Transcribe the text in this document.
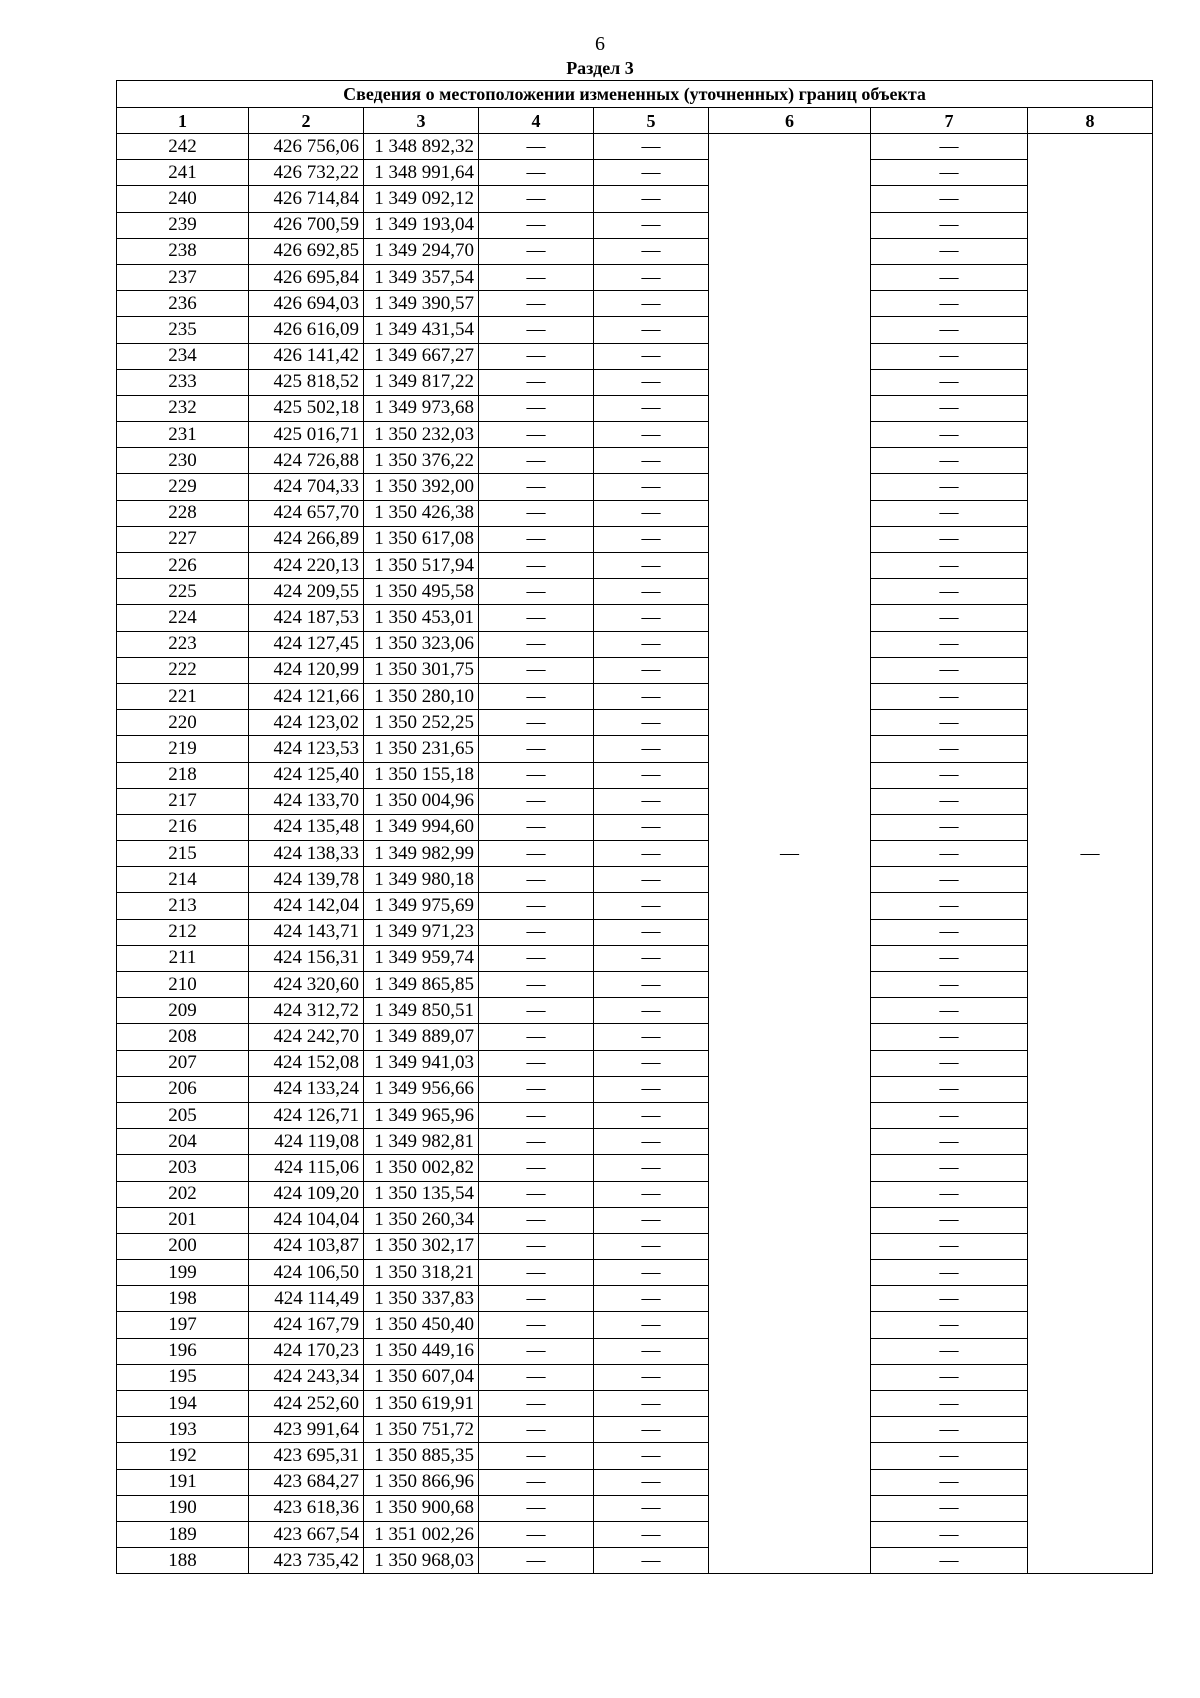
6
Раздел 3
Сведения о местоположении измененных (уточненных) границ объекта							
1	2	3	4	5	6	7	8
242	426 756,06	1 348 892,32	—	—	—	—	—
241	426 732,22	1 348 991,64	—	—		—	
240	426 714,84	1 349 092,12	—	—		—	
239	426 700,59	1 349 193,04	—	—		—	
238	426 692,85	1 349 294,70	—	—		—	
237	426 695,84	1 349 357,54	—	—		—	
236	426 694,03	1 349 390,57	—	—		—	
235	426 616,09	1 349 431,54	—	—		—	
234	426 141,42	1 349 667,27	—	—		—	
233	425 818,52	1 349 817,22	—	—		—	
232	425 502,18	1 349 973,68	—	—		—	
231	425 016,71	1 350 232,03	—	—		—	
230	424 726,88	1 350 376,22	—	—		—	
229	424 704,33	1 350 392,00	—	—		—	
228	424 657,70	1 350 426,38	—	—		—	
227	424 266,89	1 350 617,08	—	—		—	
226	424 220,13	1 350 517,94	—	—		—	
225	424 209,55	1 350 495,58	—	—		—	
224	424 187,53	1 350 453,01	—	—		—	
223	424 127,45	1 350 323,06	—	—		—	
222	424 120,99	1 350 301,75	—	—		—	
221	424 121,66	1 350 280,10	—	—		—	
220	424 123,02	1 350 252,25	—	—		—	
219	424 123,53	1 350 231,65	—	—		—	
218	424 125,40	1 350 155,18	—	—		—	
217	424 133,70	1 350 004,96	—	—		—	
216	424 135,48	1 349 994,60	—	—		—	
215	424 138,33	1 349 982,99	—	—		—	
214	424 139,78	1 349 980,18	—	—		—	
213	424 142,04	1 349 975,69	—	—		—	
212	424 143,71	1 349 971,23	—	—		—	
211	424 156,31	1 349 959,74	—	—		—	
210	424 320,60	1 349 865,85	—	—		—	
209	424 312,72	1 349 850,51	—	—		—	
208	424 242,70	1 349 889,07	—	—		—	
207	424 152,08	1 349 941,03	—	—		—	
206	424 133,24	1 349 956,66	—	—		—	
205	424 126,71	1 349 965,96	—	—		—	
204	424 119,08	1 349 982,81	—	—		—	
203	424 115,06	1 350 002,82	—	—		—	
202	424 109,20	1 350 135,54	—	—		—	
201	424 104,04	1 350 260,34	—	—		—	
200	424 103,87	1 350 302,17	—	—		—	
199	424 106,50	1 350 318,21	—	—		—	
198	424 114,49	1 350 337,83	—	—		—	
197	424 167,79	1 350 450,40	—	—		—	
196	424 170,23	1 350 449,16	—	—		—	
195	424 243,34	1 350 607,04	—	—		—	
194	424 252,60	1 350 619,91	—	—		—	
193	423 991,64	1 350 751,72	—	—		—	
192	423 695,31	1 350 885,35	—	—		—	
191	423 684,27	1 350 866,96	—	—		—	
190	423 618,36	1 350 900,68	—	—		—	
189	423 667,54	1 351 002,26	—	—		—	
188	423 735,42	1 350 968,03	—	—		—	
